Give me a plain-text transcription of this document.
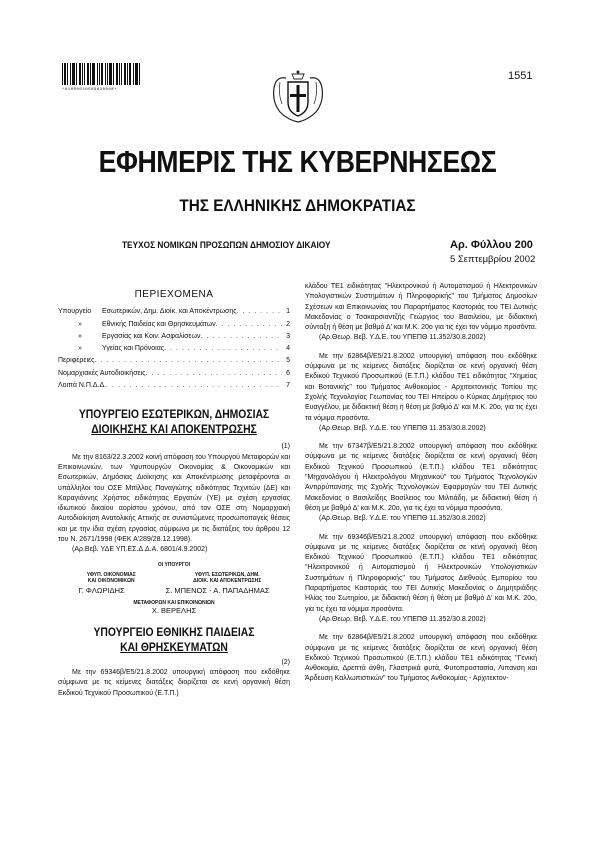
*01000030509020008*
1551
ΕΦΗΜΕΡΙΣ ΤΗΣ ΚΥΒΕΡΝΗΣΕΩΣ
ΤΗΣ ΕΛΛΗΝΙΚΗΣ ΔΗΜΟΚΡΑΤΙΑΣ
ΤΕΥΧΟΣ ΝΟΜΙΚΩΝ ΠΡΟΣΩΠΩΝ ΔΗΜΟΣΙΟΥ ΔΙΚΑΙΟΥ	Αρ. Φύλλου 200
5 Σεπτεμβρίου 2002
ΠΕΡΙΕΧΟΜΕΝΑ
Υπουργείο	Εσωτερικών, Δημ. Διοίκ. και Αποκέντρωσης . . .	1
»	Εθνικής Παιδείας και Θρησκευμάτων . . .	2
»	Εργασίας και Κοιν. Ασφαλίσεων . . .	3
»	Υγείας και Πρόνοιας . . .	4
Περιφέρειες . . .	5
Νομαρχιακές Αυτοδιοικήσεις . . .	6
Λοιπά Ν.Π.Δ.Δ. . . .	7
ΥΠΟΥΡΓΕΙΟ ΕΣΩΤΕΡΙΚΩΝ, ΔΗΜΟΣΙΑΣ
ΔΙΟΙΚΗΣΗΣ ΚΑΙ ΑΠΟΚΕΝΤΡΩΣΗΣ
(1)

Με την 8163/22.3.2002 κοινή απόφαση του Υπουργού Μεταφορών και Επικοινωνιών, των Υφυπουργών Οικονομίας & Οικονομικών και Εσωτερικών, Δημόσιας Διοίκησης και Αποκέντρωσης μεταφέρονται οι υπάλληλοι του ΟΣΕ Μπίλλος Παναγιώτης ειδικότητας Τεχνιτών (ΔΕ) και Καραγιάννης Χρήστος ειδικότητας Εργατών (ΥΕ) με σχέση εργασίας ιδιωτικού δικαίου αορίστου χρόνου, από τον ΟΣΕ στη Νομαρχιακή Αυτοδιοίκηση Ανατολικής Αττικής σε συνιστώμενες προσωποπαγείς θέσεις και με την ίδια σχέση εργασίας σύμφωνα με τις διατάξεις του άρθρου 12 του Ν. 2671/1998 (ΦΕΚ Α'289/28.12.1998).

(Αρ.Βεβ. ΥΔΕ ΥΠ.ΕΣ.Δ.Δ.Α. 6801/4.9.2002)

ΟΙ ΥΠΟΥΡΓΟΙ
ΥΦΥΠ. ΟΙΚΟΝΟΜΙΑΣ
ΚΑΙ ΟΙΚΟΝΟΜΙΚΩΝ
ΥΦΥΠ. ΕΣΩΤΕΡΙΚΩΝ, ΔΗΜ.
ΔΙΟΙΚ. ΚΑΙ ΑΠΟΚΕΝΤΡΩΣΗΣ
Γ. ΦΛΩΡΙΔΗΣ	Σ. ΜΠΕΝΟΣ - Α. ΠΑΠΑΔΗΜΑΣ
ΜΕΤΑΦΟΡΩΝ ΚΑΙ ΕΠΙΚΟΙΝΩΝΙΩΝ
Χ. ΒΕΡΕΛΗΣ
ΥΠΟΥΡΓΕΙΟ ΕΘΝΙΚΗΣ ΠΑΙΔΕΙΑΣ
ΚΑΙ ΘΡΗΣΚΕΥΜΑΤΩΝ
(2)

Με την 69346β/Ε5/21.8.2002 υπουργική απόφαση που εκδόθηκε σύμφωνα με τις κείμενες διατάξεις διορίζεται σε κενή οργανική θέση Εκδικού Τεχνικού Προσωπικού (Ε.Τ.Π.)

κλάδου ΤΕ1 ειδικότητας "Ηλεκτρονικού ή Αυτοματισμού ή Ηλεκτρονικών Υπολογιστικών Συστημάτων ή Πληροφορικής" του Τμήματος Δημοσίων Σχέσεων και Επικοινωνίας του Παραρτήματος Καστοριάς του ΤΕΙ Δυτικής Μακεδονίας ο Τσακαρσιαντζής Γεώργιος του Βασιλείου, με διδακτική σύνταξη ή θέση με βαθμό Δ' και Μ.Κ. 20ο για τις έχει τον νόμιμο προσόντα.

(Αρ.Θεωρ. Βεβ. Υ.Δ.Ε. του ΥΠΕΠΘ 11.352/30.8.2002)

Με την 62864β/Ε5/21.8.2002 υπουργική απόφαση που εκδόθηκε σύμφωνα με τις κείμενες διατάξεις διορίζεται σε κενή οργανική θέση Εκδικού Τεχνικού Προσωπικού (Ε.Τ.Π.) κλάδου ΤΕ1 ειδικότητας "Χημείας και Βοτανικής" του Τμήματος Ανθοκομίας - Αρχιτεκτονικής Τοπίου της Σχολής Τεχνολογίας Γεωπονίας του ΤΕΙ Ηπείρου ο Κύρκας Δημήτριος του Ευαγγέλου, με διδακτική θέση ή θέση με βαθμό Δ' και Μ.Κ. 20ο, για τις έχει τα νόμιμα προσόντα.

(Αρ.Θεωρ. Βεβ. Υ.Δ.Ε. του ΥΠΕΠΘ 11.353/30.8.2002)

Με την 67347β/Ε5/21.8.2002 υπουργική απόφαση που εκδόθηκε σύμφωνα με τις κείμενες διατάξεις διορίζεται σε κενή οργανική θέση Εκδικού Τεχνικού Προσωπικού (Ε.Τ.Π.) κλάδου ΤΕ1 ειδικότητας "Μηχανολόγου ή Ηλεκτρολόγου Μηχανικού" του Τμήματος Τεχνολογιών Αντιρρύπανσης της Σχολής Τεχνολογικών Εφαρμογών του ΤΕΙ Δυτικής Μακεδονίας ο Βασιλείδης Βασίλειος του Μιλτιάδη, με διδακτική θέση ή θέση με βαθμό Δ' και Μ.Κ. 20ο, για τις έχει τα νόμιμα προσόντα.

(Αρ.Θεωρ. Βεβ. Υ.Δ.Ε. του ΥΠΕΠΘ 11.352/30.8.2002)

Με την 69346β/Ε5/21.8.2002 υπουργική απόφαση που εκδόθηκε σύμφωνα με τις κείμενες διατάξεις διορίζεται σε κενή οργανική θέση Εκδικού Τεχνικού Προσωπικού (Ε.Τ.Π.) κλάδου ΤΕ1 ειδικότητας "Ηλεκτρονικού ή Αυτοματισμού ή Ηλεκτρονικών Υπολογιστικών Συστημάτων ή Πληροφορικής" του Τμήματος Διεθνούς Εμπορίου του Παραρτήματος Καστοριάς του ΤΕΙ Δυτικής Μακεδονίας ο Δημητριάδης Ηλίας του Σωτηρίου, με διδακτική θέση ή θέση με βαθμό Δ' και Μ.Κ. 20ο, για τις έχει τα νόμιμα προσόντα.

(Αρ.Θεωρ. Βεβ. Υ.Δ.Ε. του ΥΠΕΠΘ 11.352/30.8.2002)

Με την 62864β/Ε5/21.8.2002 υπουργική απόφαση που εκδόθηκε σύμφωνα με τις κείμενες διατάξεις διορίζεται σε κενή οργανική θέση Εκδικού Τεχνικού Προσωπικού (Ε.Τ.Π.) κλάδου ΤΕ1 ειδικότητας "Γενική Ανθοκομία, Δρεπτά άνθη, Γλαστρικά φυτά, Φυτοπροστασία, Λιπανση και Άρδευση Καλλωπιστικών" του Τμήματος Ανθοκομίας - Αρχιτεκτον-
